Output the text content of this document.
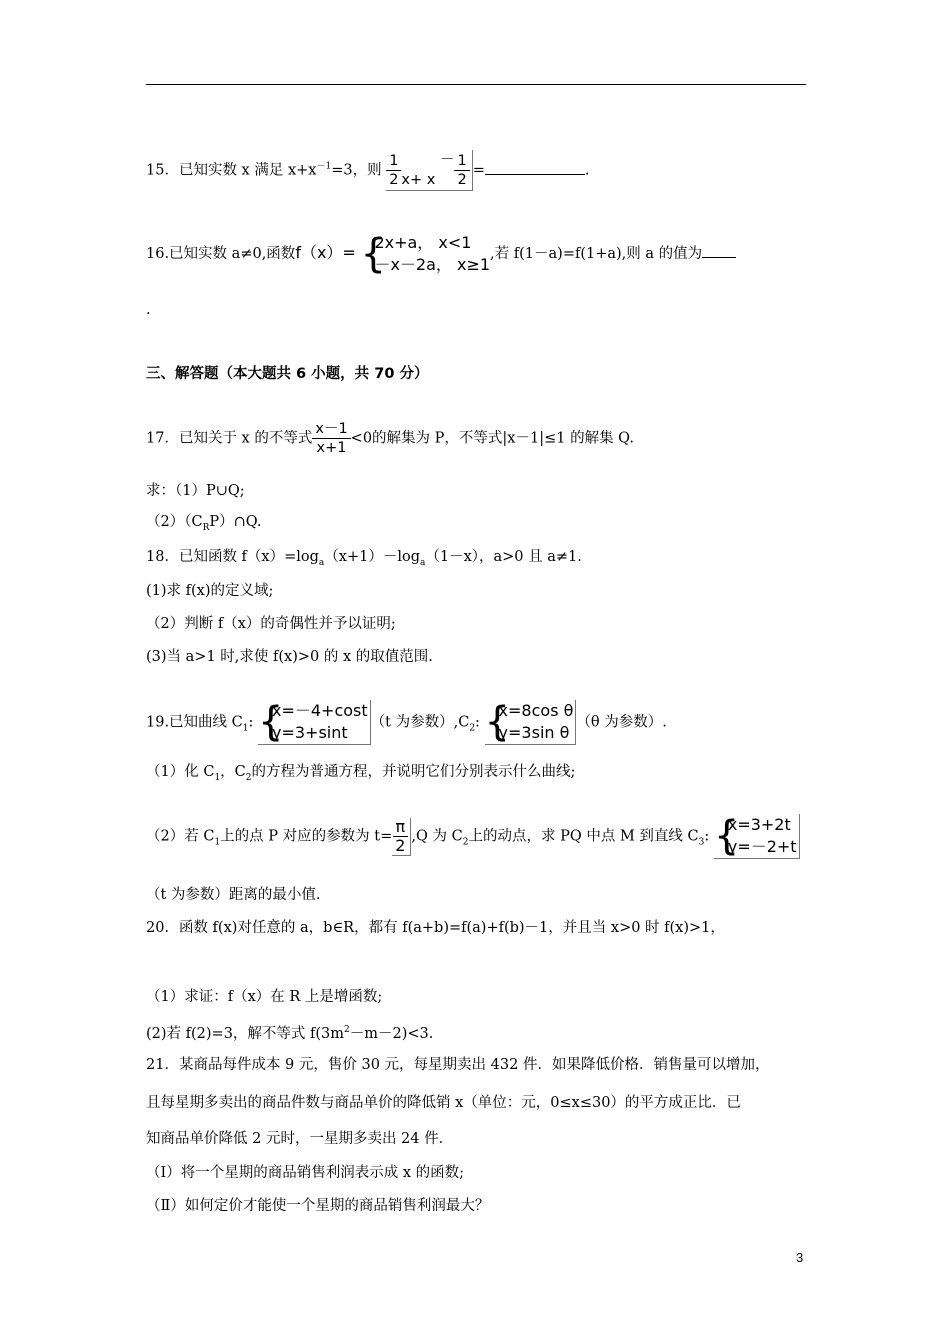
15．已知实数 x 满足 $x+x^{-1}=3$，则 $\frac{1}{2} x+ x - \frac{1}{2}$ =	.
16.已知实数 a≠0,函数f（x）= {
2x+a， x<1
－x－2a， x≥1
,若 f(1－a)=f(1+a),则 a 的值为
.
三、解答题（本大题共 6 小题，共 70 分）
17．已知关于 x 的不等式 $\frac{x-1}{x+1} <0$的解集为 P，不等式|x－1|≤1 的解集 Q.
求：（1）P∪Q;
$(2)(C_RP)\cap Q$.
18．已知函数 $f(x)=\log_a(x+1)-\log_a(1-x)$，a>0 且 a≠1.
(1)求 f(x)的定义域;
（2）判断 f（x）的奇偶性并予以证明;
(3)当 a>1 时,求使 f(x)>0 的 x 的取值范围.
19.已知曲线 $C_1$: {
x=－4+cost
y=3+sint
（t 为参数）$,C_2$: {
x=8cos θ
y=3sin θ
（θ 为参数）.
（1）化 $C_1$，$C_2$的方程为普通方程，并说明它们分别表示什么曲线;
（2）若 $C_1$上的点 P 对应的参数为 $t= \frac{\pi}{2} ,Q$ 为 $C_2$上的动点，求 PQ 中点 M 到直线 $C_3$: {
x=3+2t
y=－2+t
（t 为参数）距离的最小值.
20．函数 f(x)对任意的 a，b∈R，都有 f(a+b)=f(a)+f(b)－1，并且当 x>0 时 f(x)>1，
（1）求证：f（x）在 R 上是增函数;
(2)若 f(2)=3，解不等式 $f(3m^2-m-2)<3$.
21．某商品每件成本 9 元，售价 30 元，每星期卖出 432 件．如果降低价格．销售量可以增加，
且每星期多卖出的商品件数与商品单价的降低销 x（单位：元，0≤x≤30）的平方成正比．已
知商品单价降低 2 元时，一星期多卖出 24 件．
（Ⅰ）将一个星期的商品销售利润表示成 x 的函数;
（Ⅱ）如何定价才能使一个星期的商品销售利润最大？
3
